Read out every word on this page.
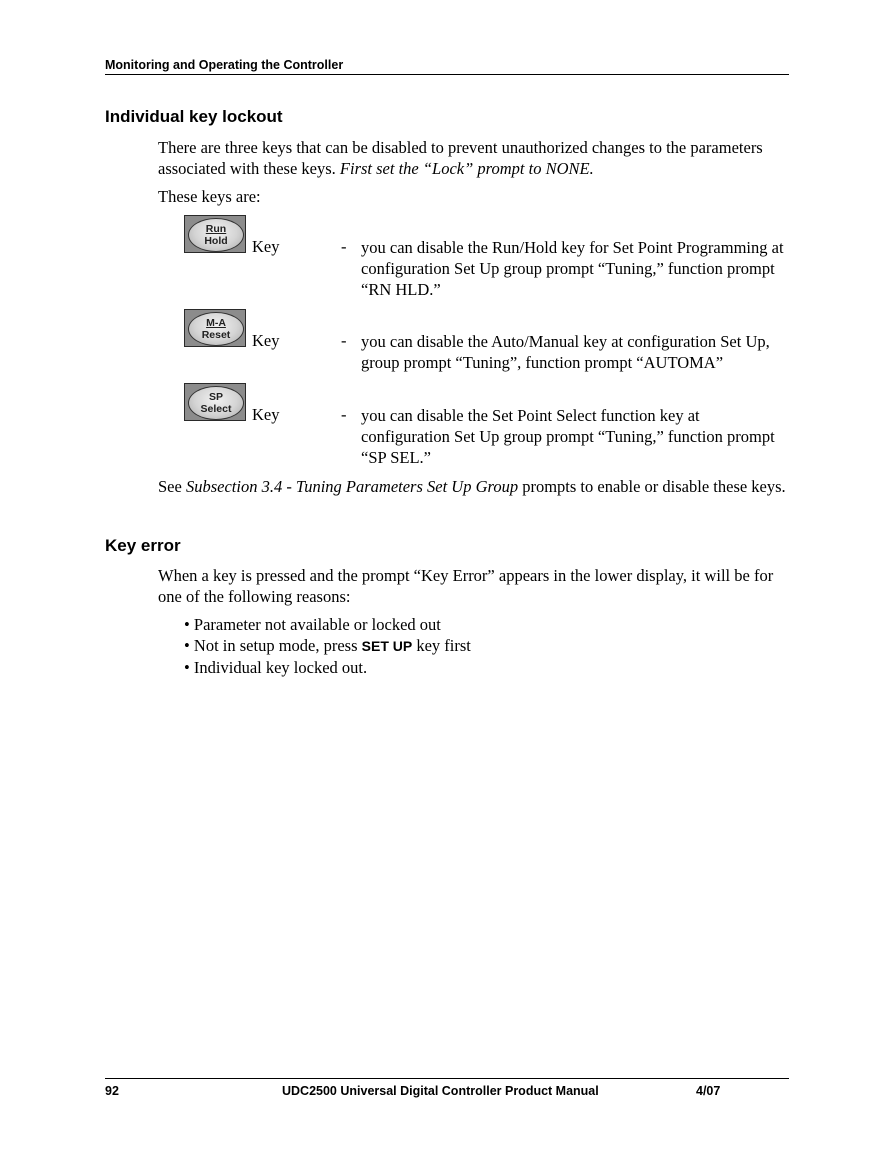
Monitoring and Operating the Controller
Individual key lockout
There are three keys that can be disabled to prevent unauthorized changes to the parameters associated with these keys. First set the “Lock” prompt to NONE.
These keys are:
Run
Hold Key	- you can disable the Run/Hold key for Set Point Programming at configuration Set Up group prompt “Tuning,” function prompt “RN HLD.”
M-A
Reset Key	- you can disable the Auto/Manual key at configuration Set Up, group prompt “Tuning”, function prompt “AUTOMA”
SP
Select Key	- you can disable the Set Point Select function key at configuration Set Up group prompt “Tuning,” function prompt “SP SEL.”
See Subsection 3.4 - Tuning Parameters Set Up Group prompts to enable or disable these keys.
Key error
When a key is pressed and the prompt “Key Error” appears in the lower display, it will be for one of the following reasons:
• Parameter not available or locked out
• Not in setup mode, press SET UP key first
• Individual key locked out.
92	UDC2500 Universal Digital Controller Product Manual	4/07
